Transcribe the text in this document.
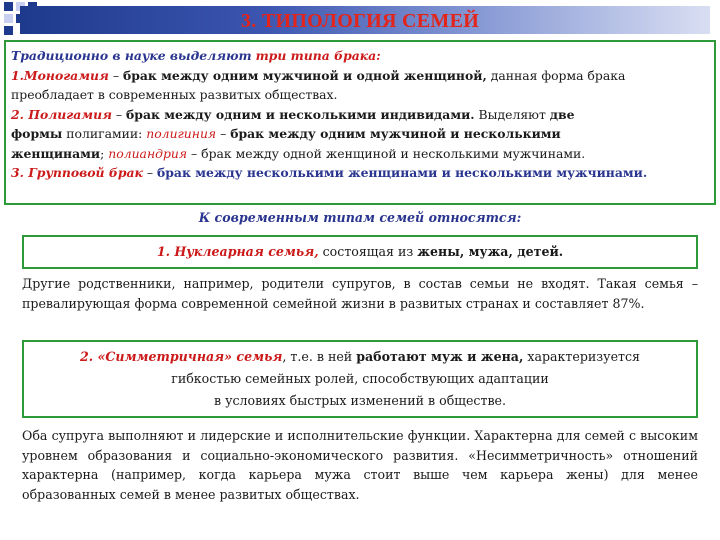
3. ТИПОЛОГИЯ СЕМЕЙ

Традиционно в науке выделяют три типа брака:

1.Моногамия – брак между одним мужчиной и одной женщиной, данная форма брака

преобладает в современных развитых обществах.

2. Полигамия – брак между одним и несколькими индивидами. Выделяют две

формы полигамии: полигиния – брак между одним мужчиной и несколькими

женщинами; полиандрия – брак между одной женщиной и несколькими мужчинами.

3. Групповой брак – брак между несколькими женщинами и несколькими мужчинами.

К современным типам семей относятся:
1. Нуклеарная семья, состоящая из жены, мужа, детей.
Другие родственники, например, родители супругов, в состав семьи не входят. Такая семья – превалирующая форма современной семейной жизни в развитых странах и составляет 87%.
2. «Симметричная» семья, т.е. в ней работают муж и жена, характеризуется
гибкостью семейных ролей, способствующих адаптации
в условиях быстрых изменений в обществе.
Оба супруга выполняют и лидерские и исполнительские функции. Характерна для семей с высоким уровнем образования и социально-экономического развития. «Несимметричность» отношений характерна (например, когда карьера мужа стоит выше чем карьера жены) для менее образованных семей в менее развитых обществах.
